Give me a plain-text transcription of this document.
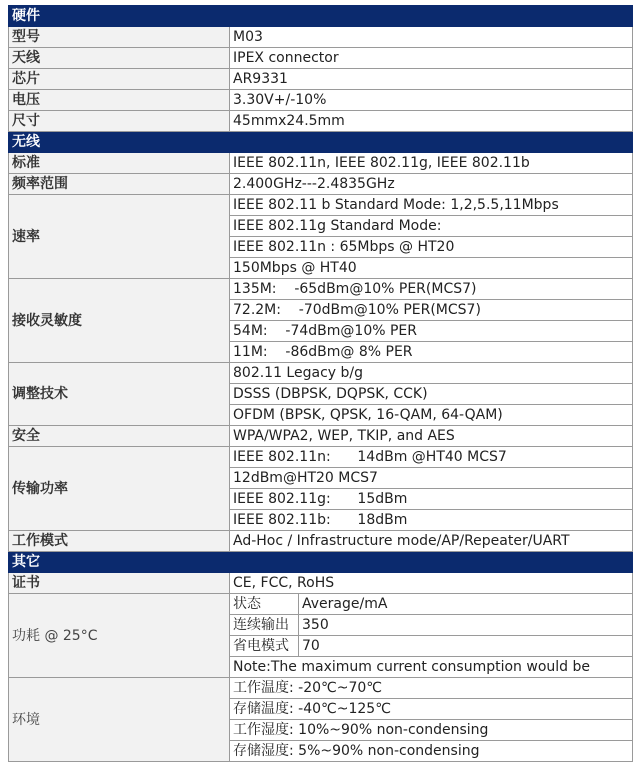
硬件		
型号	M03	
天线	IPEX connector	
芯片	AR9331	
电压	3.30V+/-10%	
尺寸	45mmx24.5mm	
无线		
标准	IEEE 802.11n, IEEE 802.11g, IEEE 802.11b	
频率范围	2.400GHz---2.4835GHz	
速率	IEEE 802.11 b Standard Mode: 1,2,5.5,11Mbps	
	IEEE 802.11g Standard Mode:	
	IEEE 802.11n : 65Mbps @ HT20	
	150Mbps @ HT40	
接收灵敏度	135M:    -65dBm@10% PER(MCS7)	
	72.2M:    -70dBm@10% PER(MCS7)	
	54M:    -74dBm@10% PER	
	11M:    -86dBm@ 8% PER	
调整技术	802.11 Legacy b/g	
	DSSS (DBPSK, DQPSK, CCK)	
	OFDM (BPSK, QPSK, 16-QAM, 64-QAM)	
安全	WPA/WPA2, WEP, TKIP, and AES	
传输功率	IEEE 802.11n:      14dBm @HT40 MCS7	
	12dBm@HT20 MCS7	
	IEEE 802.11g:      15dBm	
	IEEE 802.11b:      18dBm	
工作模式	Ad-Hoc / Infrastructure mode/AP/Repeater/UART	
其它		
证书	CE, FCC, RoHS	
功耗 @ 25°C	状态	Average/mA
	连续输出	350
	省电模式	70
	Note:The maximum current consumption would be	
环境	工作温度: -20℃~70℃	
	存储温度: -40℃~125℃	
	工作湿度: 10%~90% non-condensing	
	存储湿度: 5%~90% non-condensing	
